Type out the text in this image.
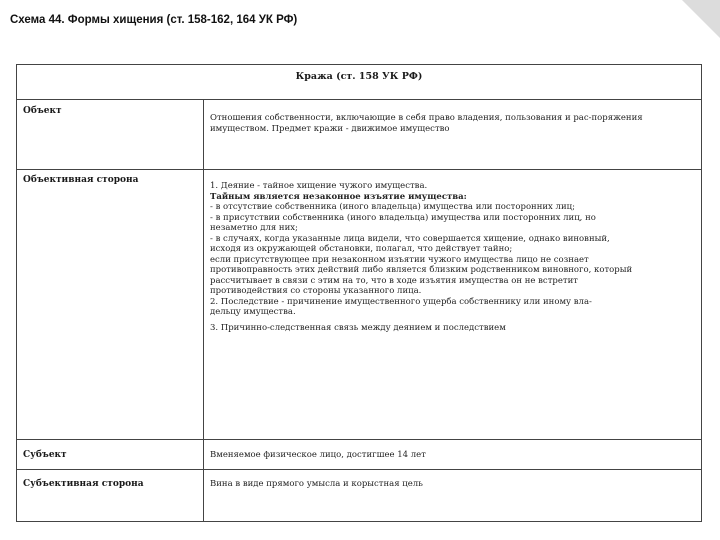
Схема 44. Формы хищения (ст. 158-162, 164 УК РФ)
Кража (ст. 158 УК РФ)
Объект
Отношения собственности, включающие в себя право владения, пользования и рас-поряжения
имуществом. Предмет кражи - движимое имущество
Объективная сторона
1. Деяние - тайное хищение чужого имущества.
Тайным является незаконное изъятие имущества:
- в отсутствие собственника (иного владельца) имущества или посторонних лиц;
- в присутствии собственника (иного владельца) имущества или посторонних лиц, но
незаметно для них;
- в случаях, когда указанные лица видели, что совершается хищение, однако виновный,
исходя из окружающей обстановки, полагал, что действует тайно;
если присутствующее при незаконном изъятии чужого имущества лицо не сознает
противоправность этих действий либо является близким родственником виновного, который
рассчитывает в связи с этим на то, что в ходе изъятия имущества он не встретит
противодействия со стороны указанного лица.
2. Последствие - причинение имущественного ущерба собственнику или иному вла-
дельцу имущества.
3. Причинно-следственная связь между деянием и последствием
Субъект	Вменяемое физическое лицо, достигшее 14 лет
Субъективная сторона	Вина в виде прямого умысла и корыстная цель
